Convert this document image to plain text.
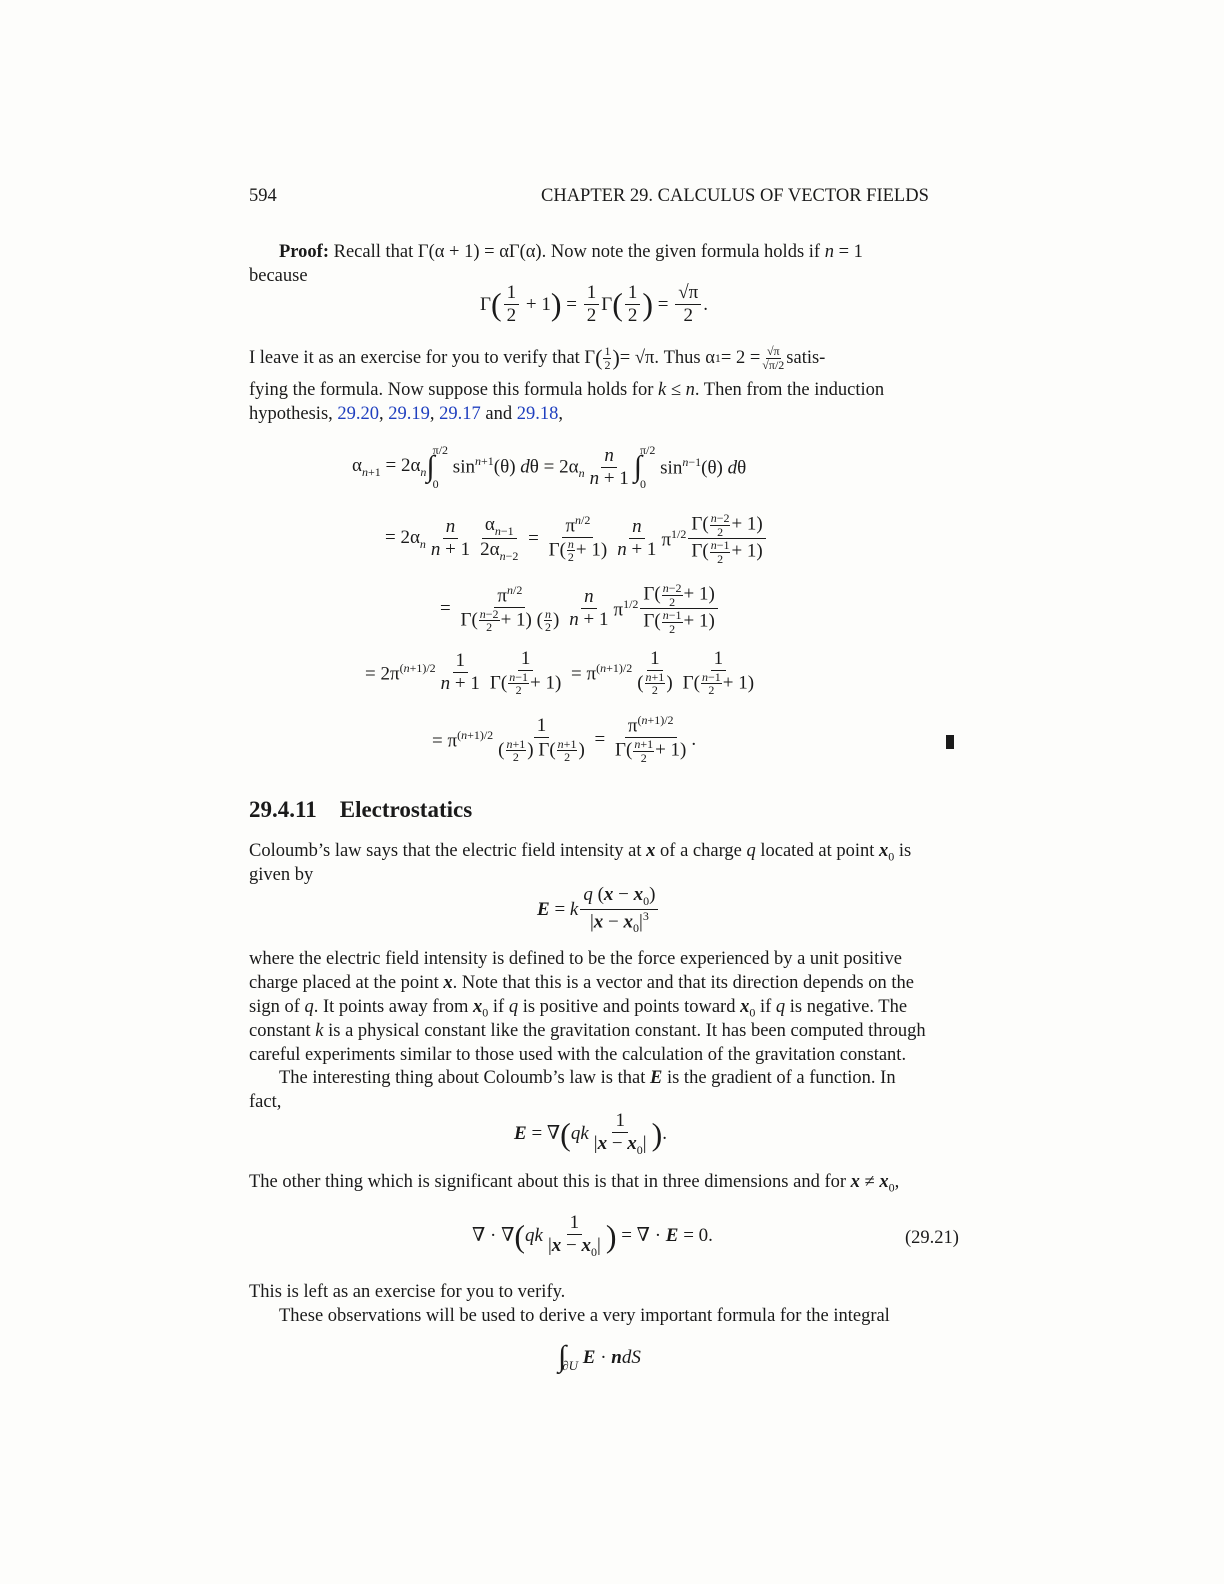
594	CHAPTER 29. CALCULUS OF VECTOR FIELDS
Proof: Recall that Γ(α + 1) = αΓ(α). Now note the given formula holds if n = 1
because
Γ ( $\frac{1}{2} + 1$ ) = $\frac{1}{2}$ Γ ( $\frac{1}{2}$ ) = $\frac{√\pi}{2}$ .
I leave it as an exercise for you to verify that Γ ( $\frac{1}{2}$ ) = √π. Thus α $1 = 2 = \frac{√\pi}{√\pi/2}$ satis-
fying the formula. Now suppose this formula holds for k ≤ n. Then from the induction
hypothesis, 29.20, 29.19, 29.17 and 29.18,
$\alpha_{n+1} = 2\alpha_n$ ∫
π/2
0
$\sin^{n+1}(\theta) d\theta = 2\alpha_n \frac{n}{n + 1}$ ∫
π/2
0
$\sin^{n-1}(\theta)$ dθ
= $2\alpha_n \frac{n}{n + 1} \frac{\alpha_{n-1}}{2\alpha_{n-2}} = \frac{\pi^{n/2}}{\Gamma( \frac{n}{2} + 1)} \frac{n}{n + 1} \pi^{1/2} \frac{\Gamma( \frac{n-2}{2} + 1)}{\Gamma( \frac{n-1}{2} + 1)}$
= $\frac{\pi^{n/2}}{\Gamma( \frac{n-2}{2} + 1) ( \frac{n}{2} )} \frac{n}{n + 1} \pi^{1/2} \frac{\Gamma( \frac{n-2}{2} + 1)}{\Gamma( \frac{n-1}{2} + 1)}$
= $2\pi^{(n+1)/2} \frac{1}{n + 1} \frac{1}{\Gamma( \frac{n-1}{2} + 1)} = \pi^{(n+1)/2} \frac{1}{( \frac{n+1}{2} )} \frac{1}{\Gamma( \frac{n-1}{2} + 1)}$
= $\pi^{(n+1)/2} \frac{1}{( \frac{n+1}{2} ) \Gamma( \frac{n+1}{2} )} = \frac{\pi^{(n+1)/2}}{\Gamma( \frac{n+1}{2} + 1)}$ .
29.4.11 Electrostatics
Coloumb’s law says that the electric field intensity at x of a charge q located at point $x_0$ is
given by
E = k $\frac{q (x - x_0)}{|x - x_0|^3}$
where the electric field intensity is defined to be the force experienced by a unit positive
charge placed at the point x. Note that this is a vector and that its direction depends on the
sign of q. It points away from $x_0$ if q is positive and points toward $x_0$ if q is negative. The
constant k is a physical constant like the gravitation constant. It has been computed through
careful experiments similar to those used with the calculation of the gravitation constant.
The interesting thing about Coloumb’s law is that E is the gradient of a function. In
fact,
E = ∇ ( qk $\frac{1}{|x - x_0|}$ ) .
The other thing which is significant about this is that in three dimensions and for $x \ne x_0$,
∇ · ∇ ( qk $\frac{1}{|x - x_0|}$ ) = ∇ · E = 0.	(29.21)
This is left as an exercise for you to verify.
These observations will be used to derive a very important formula for the integral
∫
∂U E · ndS
